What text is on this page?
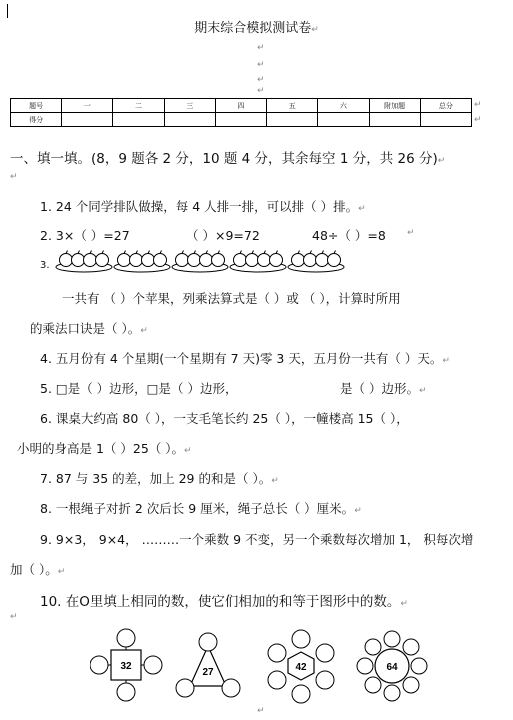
期末综合模拟测试卷↵
↵
↵
↵
↵
题号	一	二	三	四	五	六	附加题	总分
得分								
↵
↵
一、填一填。(8，9 题各 2 分，10 题 4 分，其余每空 1 分，共 26 分)↵
↵
1. 24 个同学排队做操，每 4 人排一排，可以排（ ）排。↵
2. 3×（ ）=27	（ ）×9=72	48÷（ ）=8 ↵
3.
一共有 （ ）个苹果，列乘法算式是（ ）或 （ ），计算时所用
的乘法口诀是（ ）。↵
4. 五月份有 4 个星期(一个星期有 7 天)零 3 天，五月份一共有（ ）天。↵
5. □是（ ）边形，□是（ ）边形，	是（ ）边形。↵
6. 课桌大约高 80（ ），一支毛笔长约 25（ ），一幢楼高 15（ ），
小明的身高是 1（ ）25（ ）。↵
7. 87 与 35 的差，加上 29 的和是（ ）。↵
8. 一根绳子对折 2 次后长 9 厘米，绳子总长（ ）厘米。↵
9. 9×3， 9×4， ………一个乘数 9 不变，另一个乘数每次增加 1， 积每次增
加（ ）。↵
10. 在O里填上相同的数，使它们相加的和等于图形中的数。↵
↵
32
27	42	64
↵
